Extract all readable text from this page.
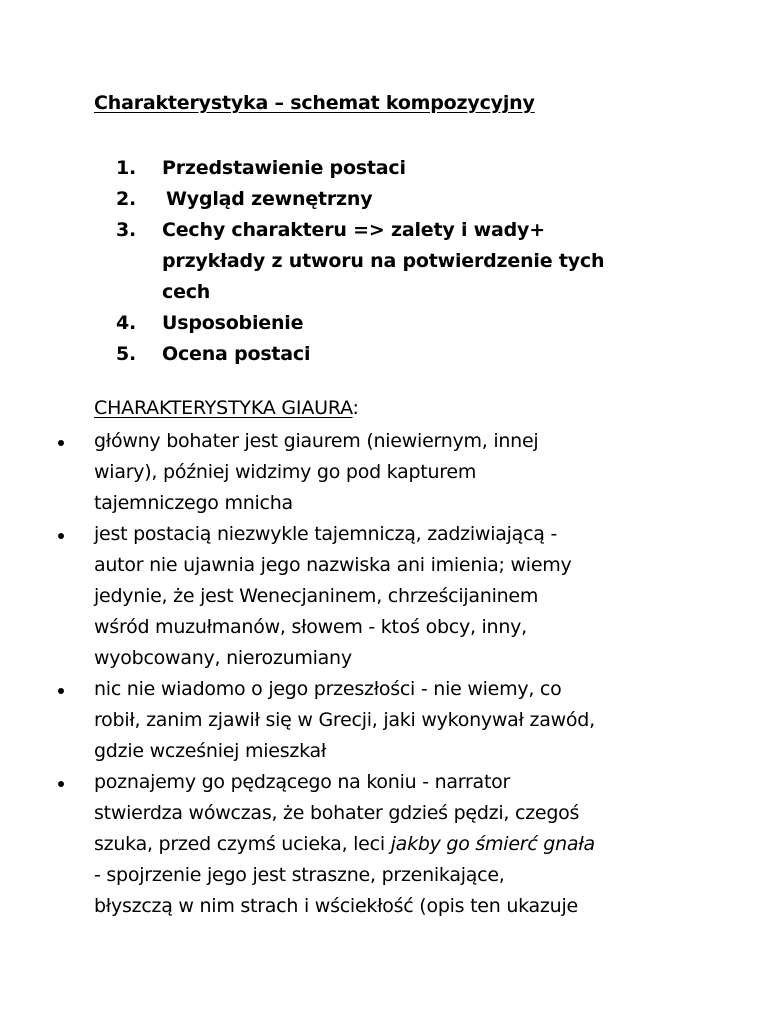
Charakterystyka – schemat kompozycyjny
1.	Przedstawienie postaci
2.	Wygląd zewnętrzny
3.	Cechy charakteru => zalety i wady+
przykłady z utworu na potwierdzenie tych
cech
4.	Usposobienie
5.	Ocena postaci
CHARAKTERYSTYKA GIAURA:
główny bohater jest giaurem (niewiernym, innej
wiary), później widzimy go pod kapturem
tajemniczego mnicha
jest postacią niezwykle tajemniczą, zadziwiającą -
autor nie ujawnia jego nazwiska ani imienia; wiemy
jedynie, że jest Wenecjaninem, chrześcijaninem
wśród muzułmanów, słowem - ktoś obcy, inny,
wyobcowany, nierozumiany
nic nie wiadomo o jego przeszłości - nie wiemy, co
robił, zanim zjawił się w Grecji, jaki wykonywał zawód,
gdzie wcześniej mieszkał
poznajemy go pędzącego na koniu - narrator
stwierdza wówczas, że bohater gdzieś pędzi, czegoś
szuka, przed czymś ucieka, leci jakby go śmierć gnała
- spojrzenie jego jest straszne, przenikające,
błyszczą w nim strach i wściekłość (opis ten ukazuje
